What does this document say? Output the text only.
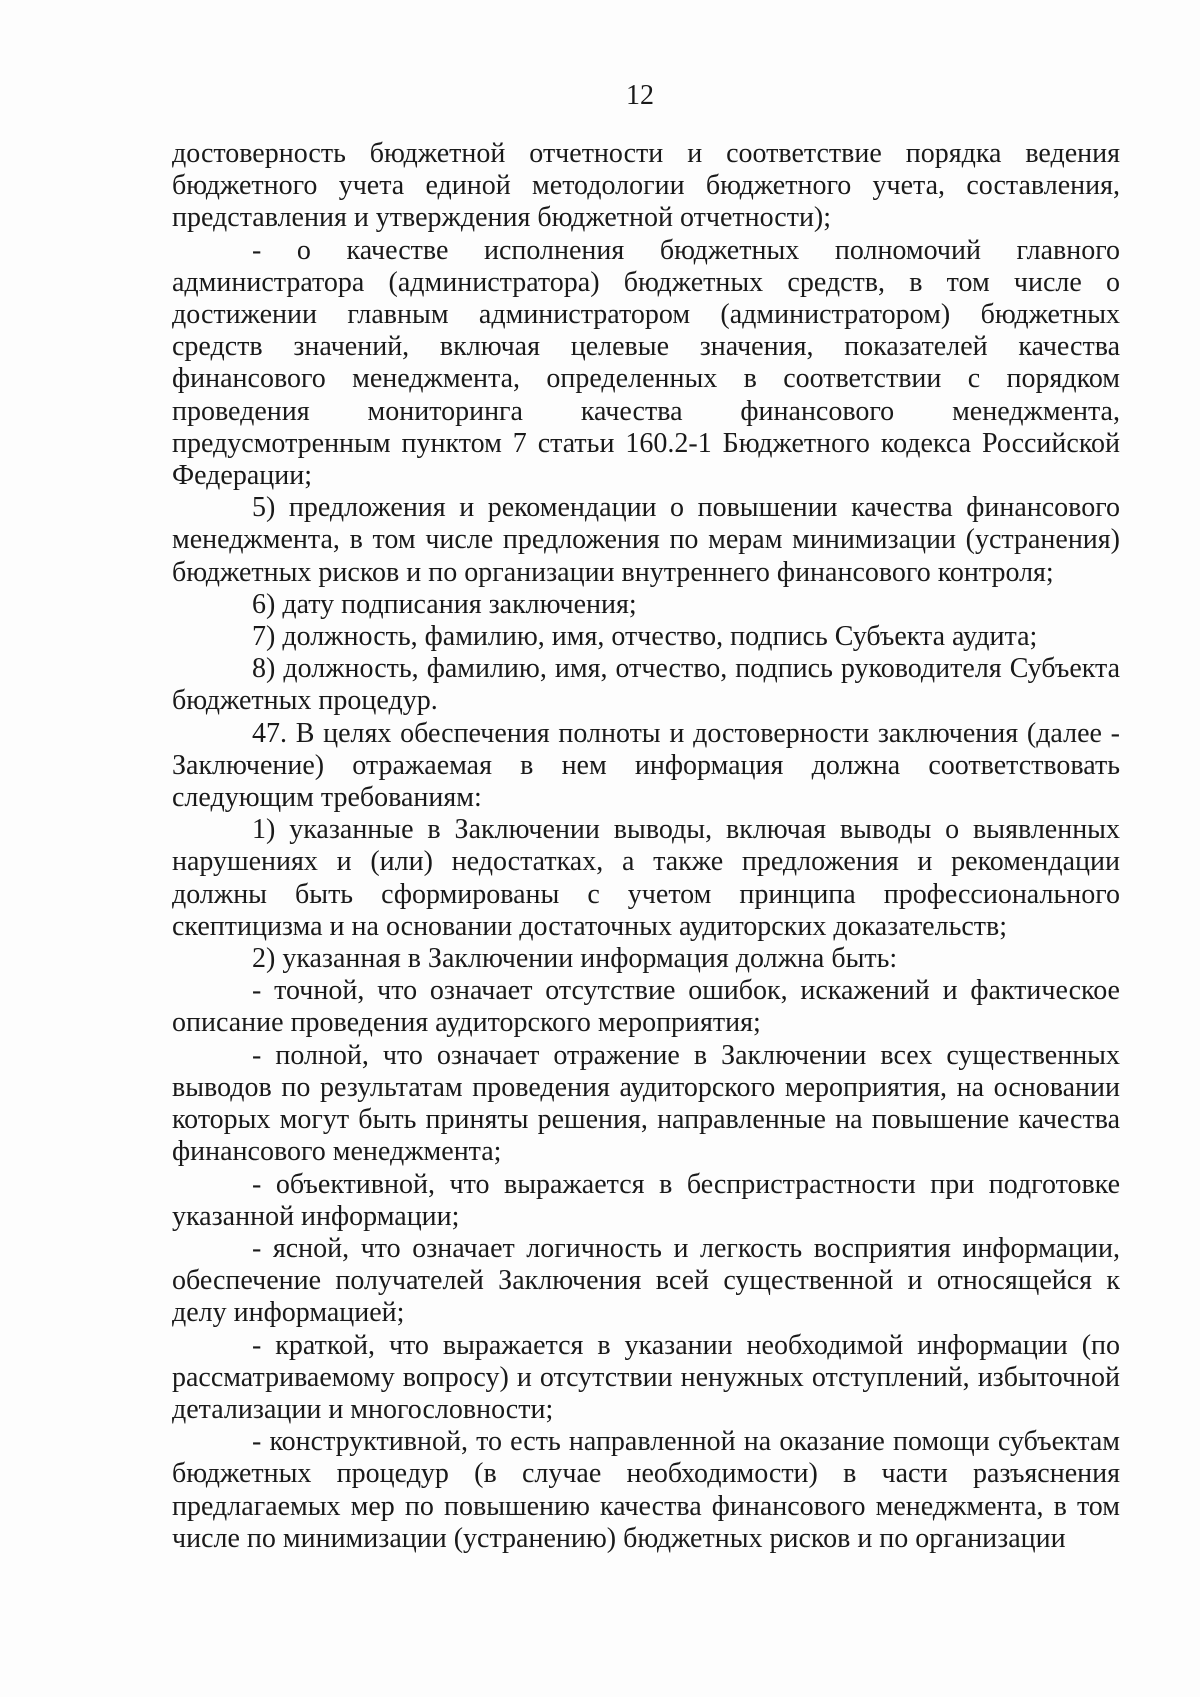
12

достоверность бюджетной отчетности и соответствие порядка ведения бюджетного учета единой методологии бюджетного учета, составления, представления и утверждения бюджетной отчетности);

- о качестве исполнения бюджетных полномочий главного администратора (администратора) бюджетных средств, в том числе о достижении главным администратором (администратором) бюджетных средств значений, включая целевые значения, показателей качества финансового менеджмента, определенных в соответствии с порядком проведения мониторинга качества финансового менеджмента, предусмотренным пунктом 7 статьи 160.2-1 Бюджетного кодекса Российской Федерации;

5) предложения и рекомендации о повышении качества финансового менеджмента, в том числе предложения по мерам минимизации (устранения) бюджетных рисков и по организации внутреннего финансового контроля;

6) дату подписания заключения;

7) должность, фамилию, имя, отчество, подпись Субъекта аудита;

8) должность, фамилию, имя, отчество, подпись руководителя Субъекта бюджетных процедур.

47. В целях обеспечения полноты и достоверности заключения (далее - Заключение) отражаемая в нем информация должна соответствовать следующим требованиям:

1) указанные в Заключении выводы, включая выводы о выявленных нарушениях и (или) недостатках, а также предложения и рекомендации должны быть сформированы с учетом принципа профессионального скептицизма и на основании достаточных аудиторских доказательств;

2) указанная в Заключении информация должна быть:

- точной, что означает отсутствие ошибок, искажений и фактическое описание проведения аудиторского мероприятия;

- полной, что означает отражение в Заключении всех существенных выводов по результатам проведения аудиторского мероприятия, на основании которых могут быть приняты решения, направленные на повышение качества финансового менеджмента;

- объективной, что выражается в беспристрастности при подготовке указанной информации;

- ясной, что означает логичность и легкость восприятия информации, обеспечение получателей Заключения всей существенной и относящейся к делу информацией;

- краткой, что выражается в указании необходимой информации (по рассматриваемому вопросу) и отсутствии ненужных отступлений, избыточной детализации и многословности;

- конструктивной, то есть направленной на оказание помощи субъектам бюджетных процедур (в случае необходимости) в части разъяснения предлагаемых мер по повышению качества финансового менеджмента, в том числе по минимизации (устранению) бюджетных рисков и по организации
